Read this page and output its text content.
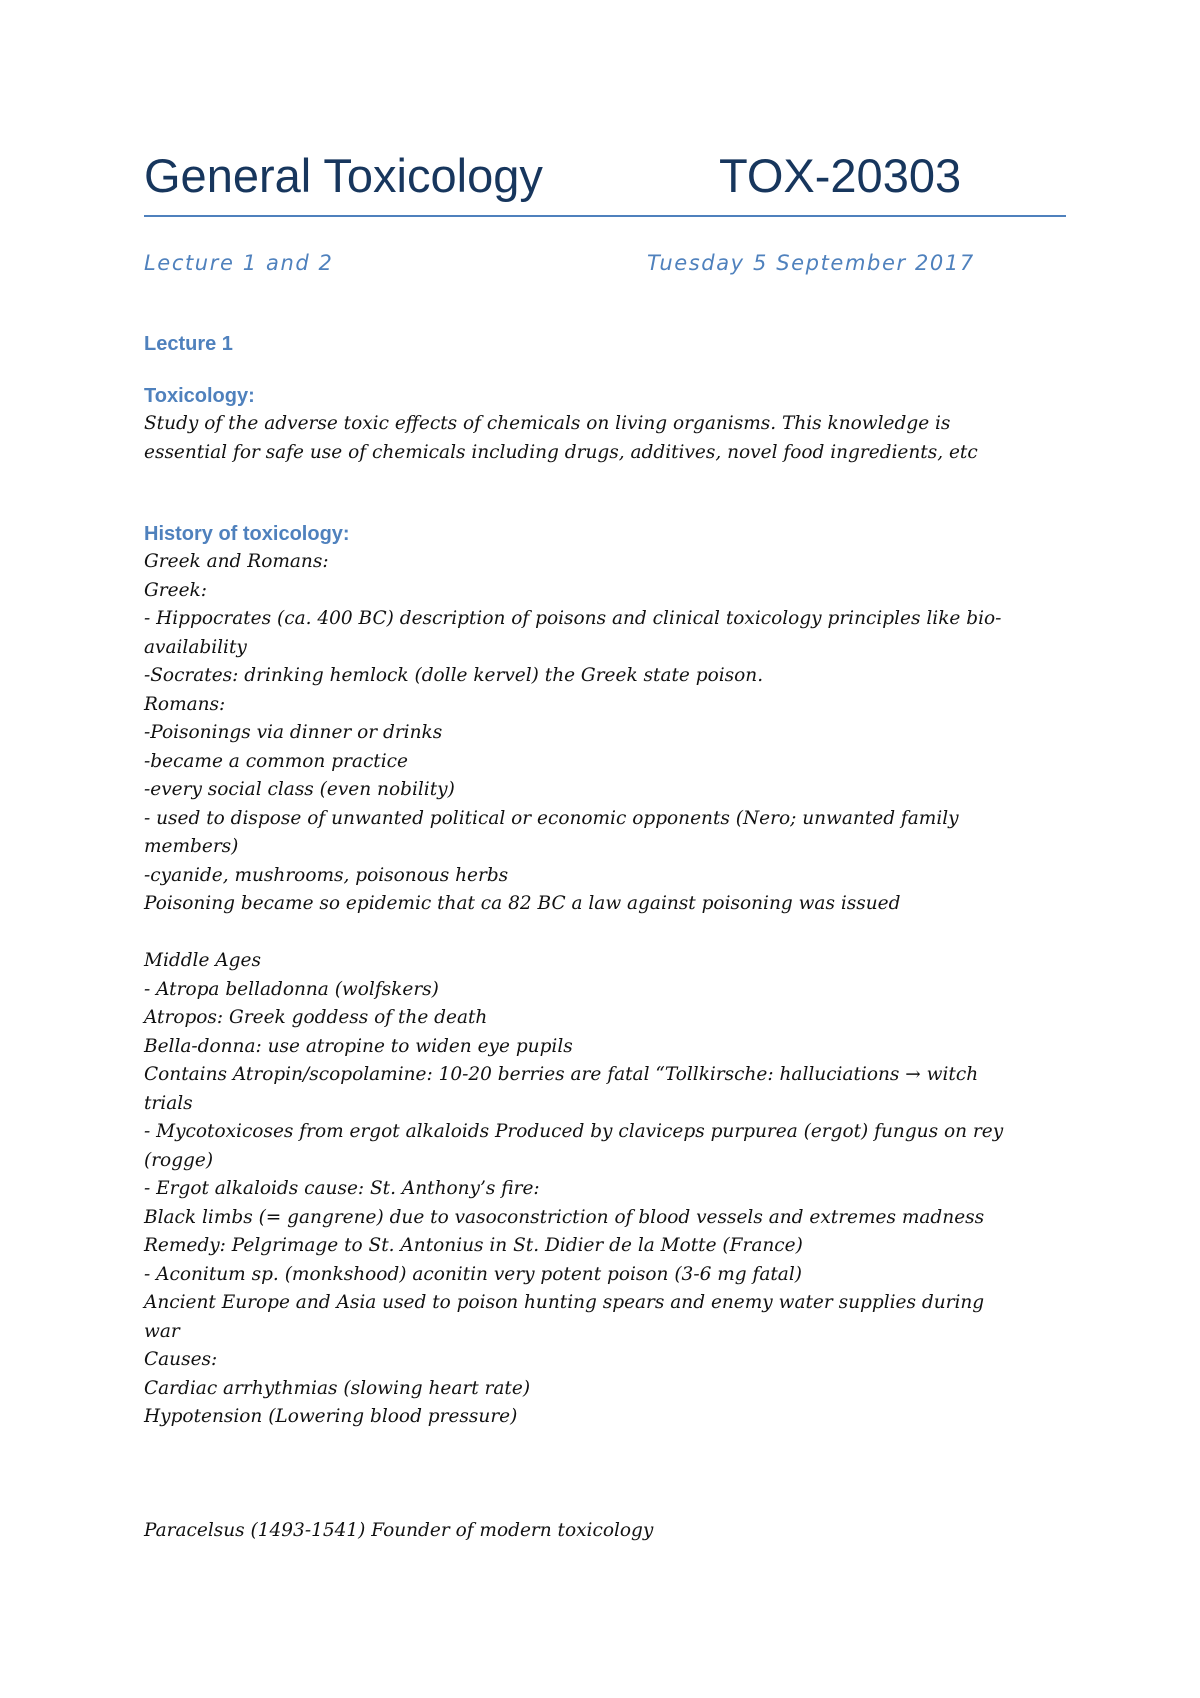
General Toxicology	TOX-20303
Lecture 1 and 2	Tuesday 5 September 2017
Lecture 1
Toxicology:
Study of the adverse toxic effects of chemicals on living organisms. This knowledge is
essential for safe use of chemicals including drugs, additives, novel food ingredients, etc
History of toxicology:
Greek and Romans:
Greek:
- Hippocrates (ca. 400 BC) description of poisons and clinical toxicology principles like bio-
availability
-Socrates: drinking hemlock (dolle kervel) the Greek state poison.
Romans:
-Poisonings via dinner or drinks
-became a common practice
-every social class (even nobility)
- used to dispose of unwanted political or economic opponents (Nero; unwanted family
members)
-cyanide, mushrooms, poisonous herbs
Poisoning became so epidemic that ca 82 BC a law against poisoning was issued
Middle Ages
- Atropa belladonna (wolfskers)
Atropos: Greek goddess of the death
Bella-donna: use atropine to widen eye pupils
Contains Atropin/scopolamine: 10-20 berries are fatal “Tollkirsche: halluciations → witch
trials
- Mycotoxicoses from ergot alkaloids Produced by claviceps purpurea (ergot) fungus on rey
(rogge)
- Ergot alkaloids cause: St. Anthony’s fire:
Black limbs (= gangrene) due to vasoconstriction of blood vessels and extremes madness
Remedy: Pelgrimage to St. Antonius in St. Didier de la Motte (France)
- Aconitum sp. (monkshood) aconitin very potent poison (3-6 mg fatal)
Ancient Europe and Asia used to poison hunting spears and enemy water supplies during
war
Causes:
Cardiac arrhythmias (slowing heart rate)
Hypotension (Lowering blood pressure)
Paracelsus (1493-1541) Founder of modern toxicology
